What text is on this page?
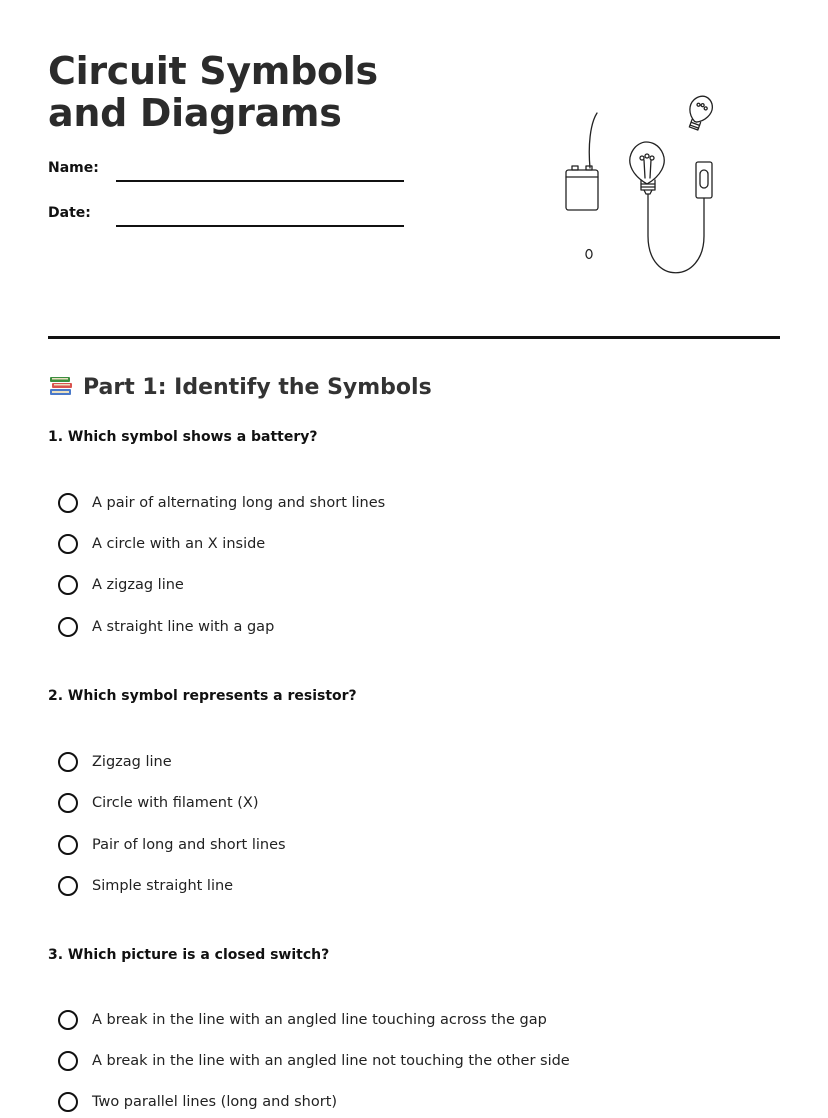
Circuit Symbols and Diagrams
Name:
Date:
Part 1: Identify the Symbols

1. Which symbol shows a battery?

A pair of alternating long and short lines
A circle with an X inside
A zigzag line
A straight line with a gap

2. Which symbol represents a resistor?

Zigzag line
Circle with filament (X)
Pair of long and short lines
Simple straight line

3. Which picture is a closed switch?

A break in the line with an angled line touching across the gap
A break in the line with an angled line not touching the other side
Two parallel lines (long and short)
